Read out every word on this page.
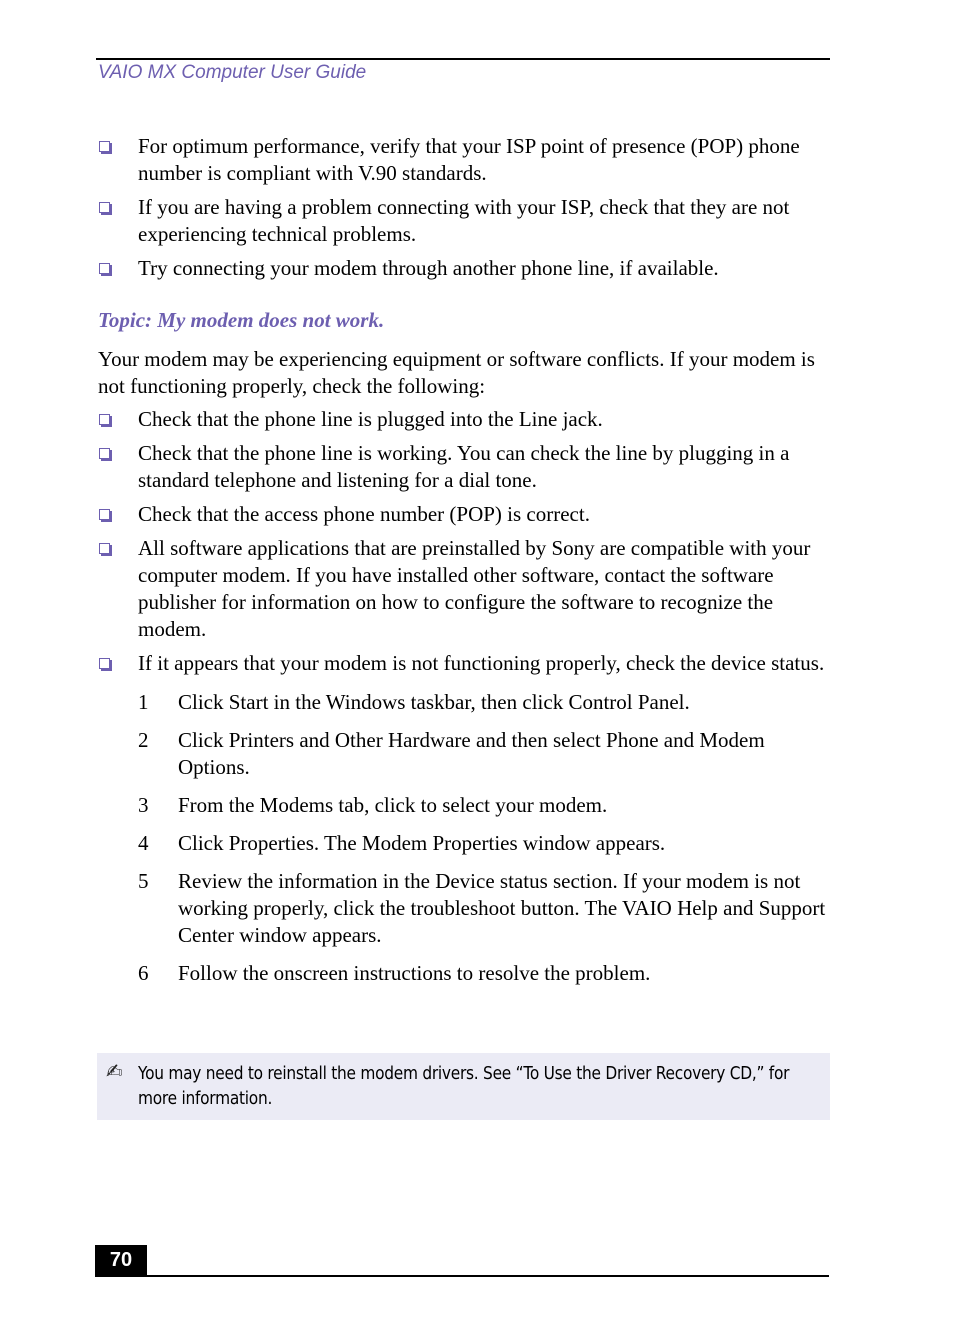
VAIO MX Computer User Guide
For optimum performance, verify that your ISP point of presence (POP) phone number is compliant with V.90 standards.
If you are having a problem connecting with your ISP, check that they are not experiencing technical problems.
Try connecting your modem through another phone line, if available.
Topic: My modem does not work.
Your modem may be experiencing equipment or software conflicts. If your modem is not functioning properly, check the following:
Check that the phone line is plugged into the Line jack.
Check that the phone line is working. You can check the line by plugging in a standard telephone and listening for a dial tone.
Check that the access phone number (POP) is correct.
All software applications that are preinstalled by Sony are compatible with your computer modem. If you have installed other software, contact the software publisher for information on how to configure the software to recognize the modem.
If it appears that your modem is not functioning properly, check the device status.
1 Click Start in the Windows taskbar, then click Control Panel.
2 Click Printers and Other Hardware and then select Phone and Modem Options.
3 From the Modems tab, click to select your modem.
4 Click Properties. The Modem Properties window appears.
5 Review the information in the Device status section. If your modem is not working properly, click the troubleshoot button. The VAIO Help and Support Center window appears.
6 Follow the onscreen instructions to resolve the problem.
✍ You may need to reinstall the modem drivers. See “To Use the Driver Recovery CD,” for more information.
70
